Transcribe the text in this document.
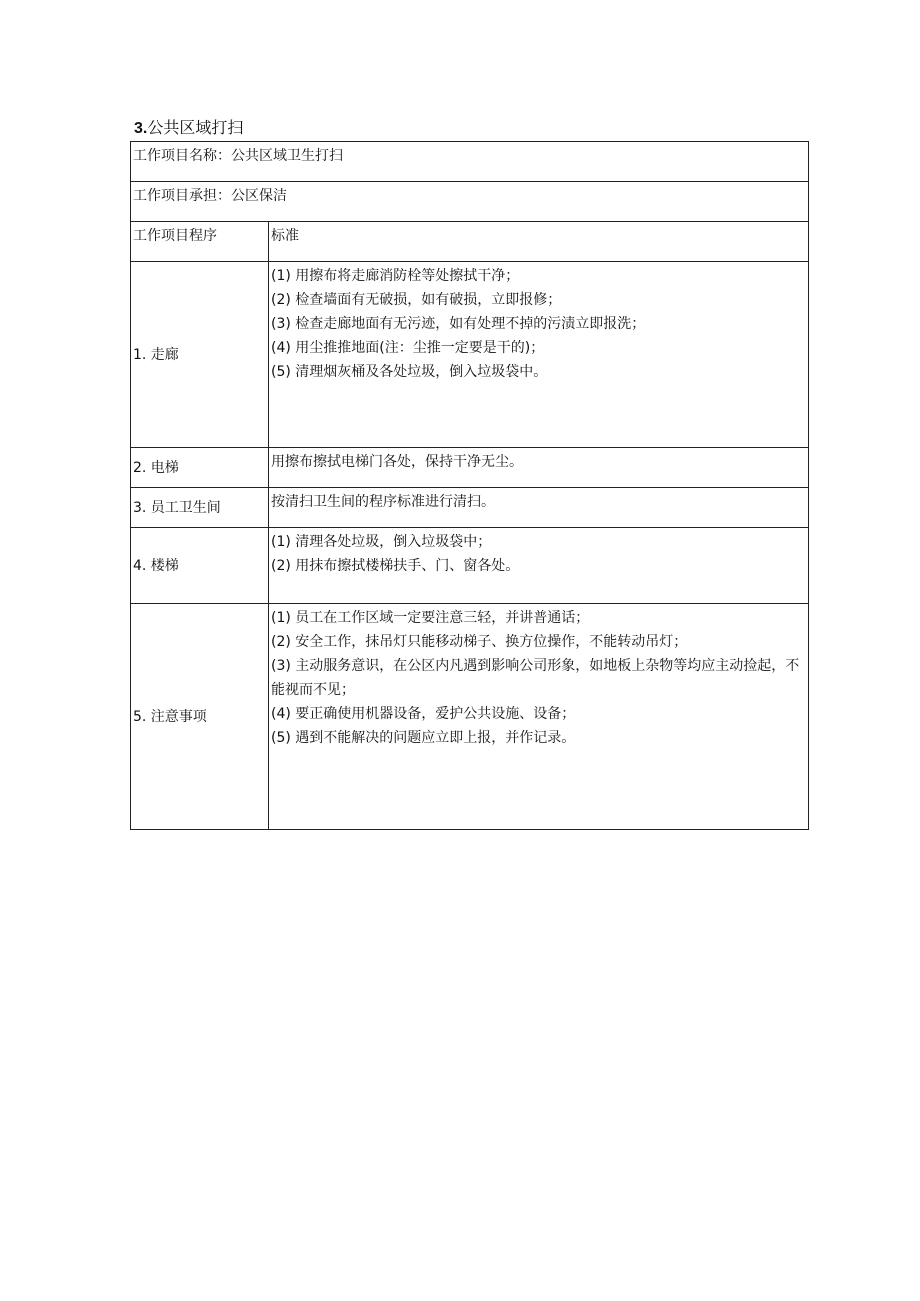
3.公共区域打扫
工作项目名称：公共区域卫生打扫	
工作项目承担：公区保洁	
工作项目程序	标准
1. 走廊	(1) 用擦布将走廊消防栓等处擦拭干净；
(2) 检查墙面有无破损，如有破损，立即报修；
(3) 检查走廊地面有无污迹，如有处理不掉的污渍立即报洗；
(4) 用尘推推地面(注：尘推一定要是干的)；
(5) 清理烟灰桶及各处垃圾，倒入垃圾袋中。

2. 电梯	用擦布擦拭电梯门各处，保持干净无尘。

3. 员工卫生间	按清扫卫生间的程序标准进行清扫。

4. 楼梯	(1) 清理各处垃圾，倒入垃圾袋中；
(2) 用抹布擦拭楼梯扶手、门、窗各处。

5. 注意事项	(1) 员工在工作区域一定要注意三轻，并讲普通话；
(2) 安全工作，抹吊灯只能移动梯子、换方位操作，不能转动吊灯；
(3) 主动服务意识，在公区内凡遇到影响公司形象，如地板上杂物等均应主动捡起，不能视而不见；
(4) 要正确使用机器设备，爱护公共设施、设备；
(5) 遇到不能解决的问题应立即上报，并作记录。
